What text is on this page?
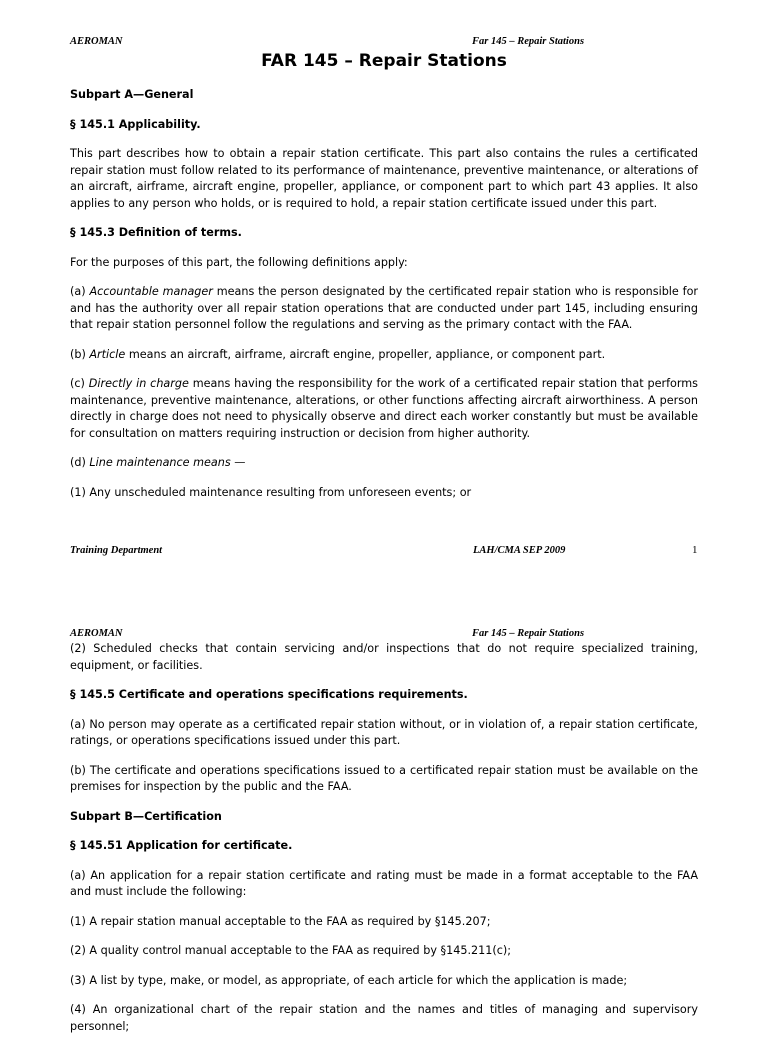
AEROMAN	Far 145 – Repair Stations
FAR 145 – Repair Stations

Subpart A—General

§ 145.1 Applicability.

This part describes how to obtain a repair station certificate. This part also contains the rules a certificated repair station must follow related to its performance of maintenance, preventive maintenance, or alterations of an aircraft, airframe, aircraft engine, propeller, appliance, or component part to which part 43 applies. It also applies to any person who holds, or is required to hold, a repair station certificate issued under this part.

§ 145.3 Definition of terms.

For the purposes of this part, the following definitions apply:

(a) Accountable manager means the person designated by the certificated repair station who is responsible for and has the authority over all repair station operations that are conducted under part 145, including ensuring that repair station personnel follow the regulations and serving as the primary contact with the FAA.

(b) Article means an aircraft, airframe, aircraft engine, propeller, appliance, or component part.

(c) Directly in charge means having the responsibility for the work of a certificated repair station that performs maintenance, preventive maintenance, alterations, or other functions affecting aircraft airworthiness. A person directly in charge does not need to physically observe and direct each worker constantly but must be available for consultation on matters requiring instruction or decision from higher authority.

(d) Line maintenance means —

(1) Any unscheduled maintenance resulting from unforeseen events; or

Training Department	LAH/CMA SEP 2009	1
AEROMAN	Far 145 – Repair Stations

(2) Scheduled checks that contain servicing and/or inspections that do not require specialized training, equipment, or facilities.

§ 145.5 Certificate and operations specifications requirements.

(a) No person may operate as a certificated repair station without, or in violation of, a repair station certificate, ratings, or operations specifications issued under this part.

(b) The certificate and operations specifications issued to a certificated repair station must be available on the premises for inspection by the public and the FAA.

Subpart B—Certification

§ 145.51 Application for certificate.

(a) An application for a repair station certificate and rating must be made in a format acceptable to the FAA and must include the following:

(1) A repair station manual acceptable to the FAA as required by §145.207;

(2) A quality control manual acceptable to the FAA as required by §145.211(c);

(3) A list by type, make, or model, as appropriate, of each article for which the application is made;

(4) An organizational chart of the repair station and the names and titles of managing and supervisory personnel;
